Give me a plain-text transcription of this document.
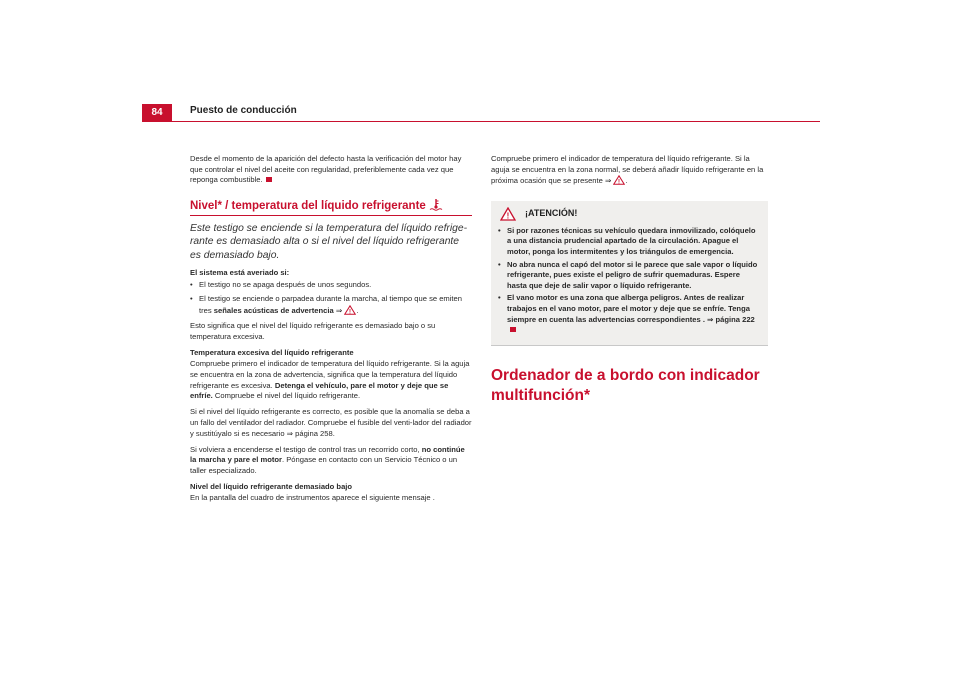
84	Puesto de conducción

Desde el momento de la aparición del defecto hasta la verificación del motor hay que controlar el nivel del aceite con regularidad, preferiblemente cada vez que reponga combustible.

Nivel* / temperatura del líquido refrigerante

Este testigo se enciende si la temperatura del líquido refrige-rante es demasiado alta o si el nivel del líquido refrigerante es demasiado bajo.

El sistema está averiado si:

• El testigo no se apaga después de unos segundos.
• El testigo se enciende o parpadea durante la marcha, al tiempo que se emiten tres señales acústicas de advertencia ⇒ ! .

Esto significa que el nivel del líquido refrigerante es demasiado bajo o su temperatura excesiva.

Temperatura excesiva del líquido refrigerante

Compruebe primero el indicador de temperatura del líquido refrigerante. Si la aguja se encuentra en la zona de advertencia, significa que la temperatura del líquido refrigerante es excesiva. Detenga el vehículo, pare el motor y deje que se enfríe. Compruebe el nivel del líquido refrigerante.

Si el nivel del líquido refrigerante es correcto, es posible que la anomalía se deba a un fallo del ventilador del radiador. Compruebe el fusible del venti-lador del radiador y sustitúyalo si es necesario ⇒ página 258.

Si volviera a encenderse el testigo de control tras un recorrido corto, no continúe la marcha y pare el motor. Póngase en contacto con un Servicio Técnico o un taller especializado.

Nivel del líquido refrigerante demasiado bajo

En la pantalla del cuadro de instrumentos aparece el siguiente mensaje .

Compruebe primero el indicador de temperatura del líquido refrigerante. Si la aguja se encuentra en la zona normal, se deberá añadir líquido refrigerante en la próxima ocasión que se presente ⇒ ! .

! ¡ATENCIÓN!
• Si por razones técnicas su vehículo quedara inmovilizado, colóquelo a una distancia prudencial apartado de la circulación. Apague el motor, ponga los intermitentes y los triángulos de emergencia.
• No abra nunca el capó del motor si le parece que sale vapor o líquido refrigerante, pues existe el peligro de sufrir quemaduras. Espere hasta que deje de salir vapor o líquido refrigerante.
• El vano motor es una zona que alberga peligros. Antes de realizar trabajos en el vano motor, pare el motor y deje que se enfríe. Tenga siempre en cuenta las advertencias correspondientes . ⇒ página 222
Ordenador de a bordo con indicador multifunción*
